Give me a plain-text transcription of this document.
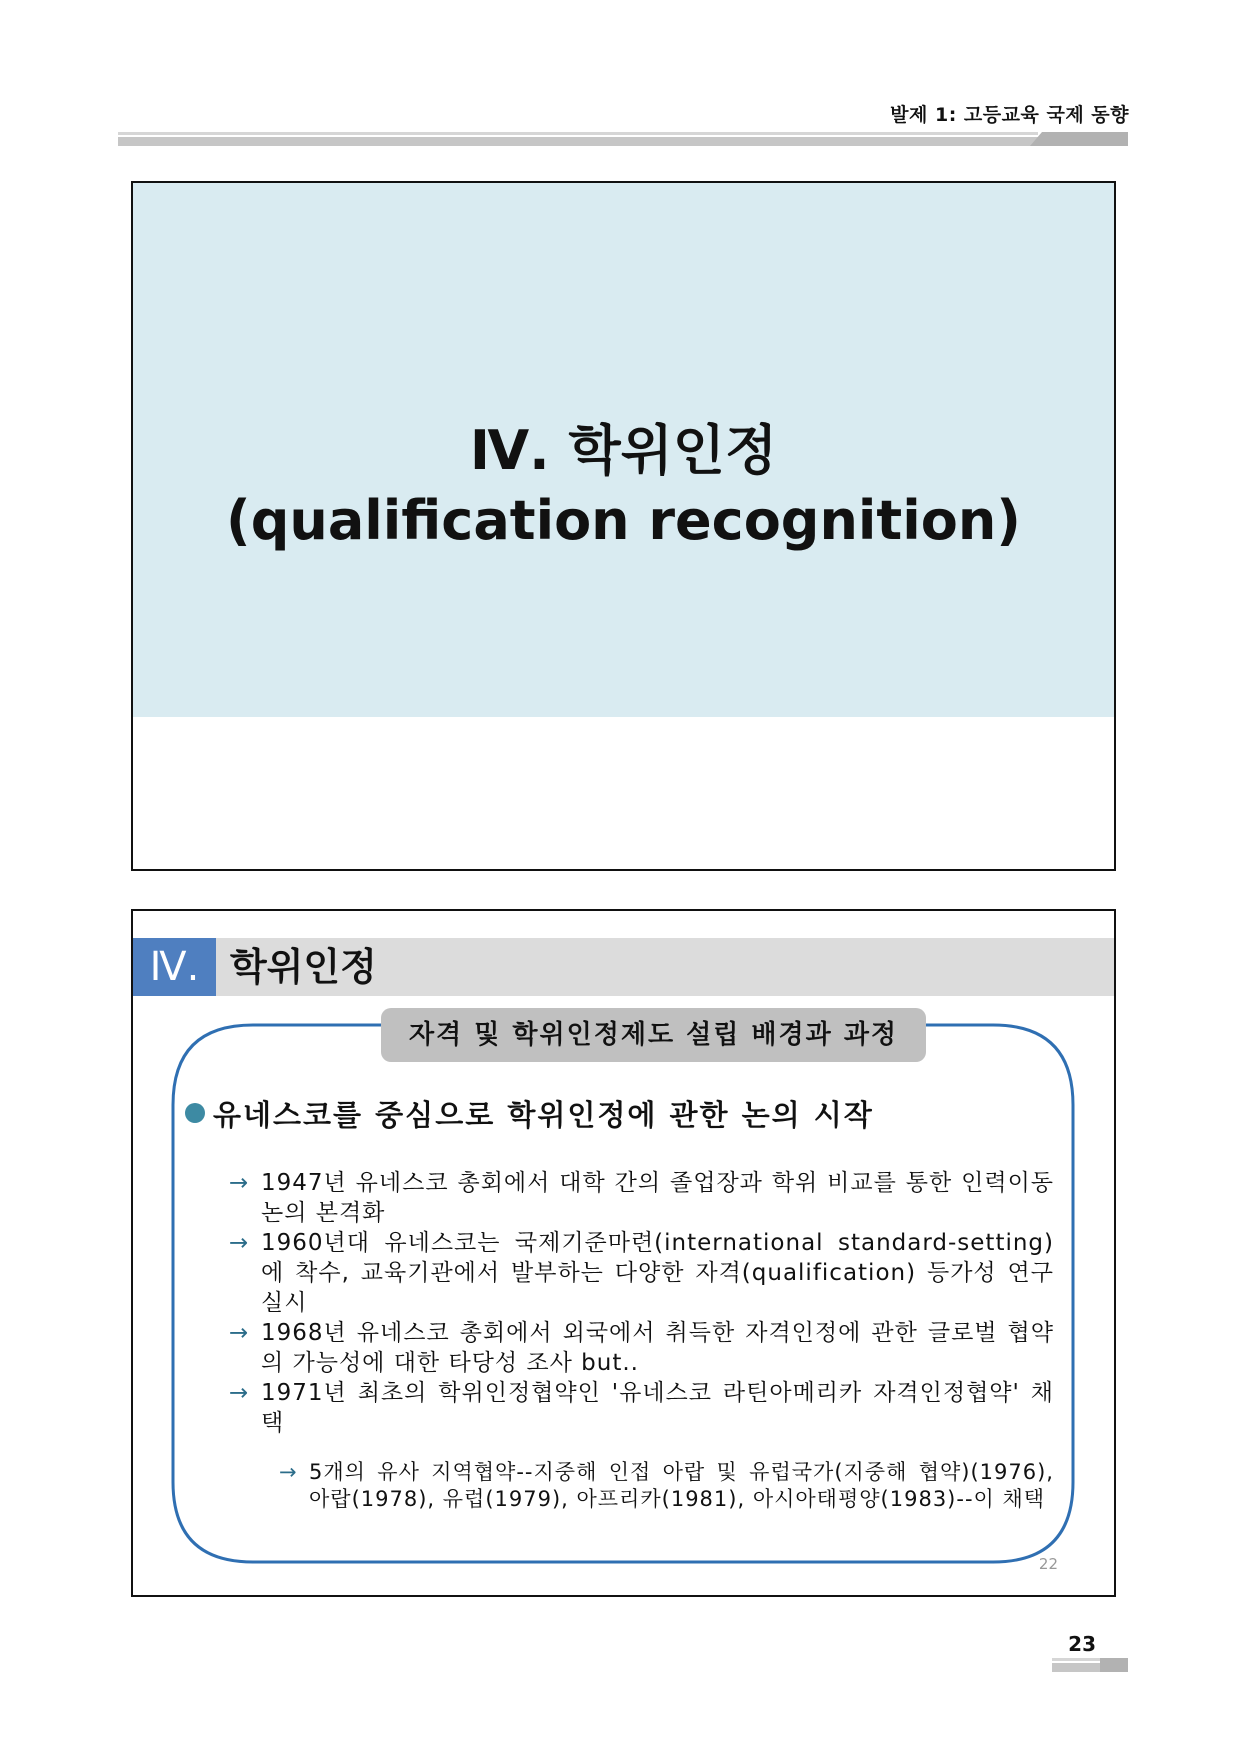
발제 1: 고등교육 국제 동향
Ⅳ. 학위인정
(qualification recognition)
Ⅳ. 학위인정
자격 및 학위인정제도 설립 배경과 과정
유네스코를 중심으로 학위인정에 관한 논의 시작
→ 1947년 유네스코 총회에서 대학 간의 졸업장과 학위 비교를 통한 인력이동 논의 본격화
→ 1960년대 유네스코는 국제기준마련(international standard-setting)에 착수, 교육기관에서 발부하는 다양한 자격(qualification) 등가성 연구 실시
→ 1968년 유네스코 총회에서 외국에서 취득한 자격인정에 관한 글로벌 협약의 가능성에 대한 타당성 조사 but..
→ 1971년 최초의 학위인정협약인 '유네스코 라틴아메리카 자격인정협약' 채택
→ 5개의 유사 지역협약--지중해 인접 아랍 및 유럽국가(지중해 협약)(1976), 아랍(1978), 유럽(1979), 아프리카(1981), 아시아태평양(1983)--이 채택
22
23
